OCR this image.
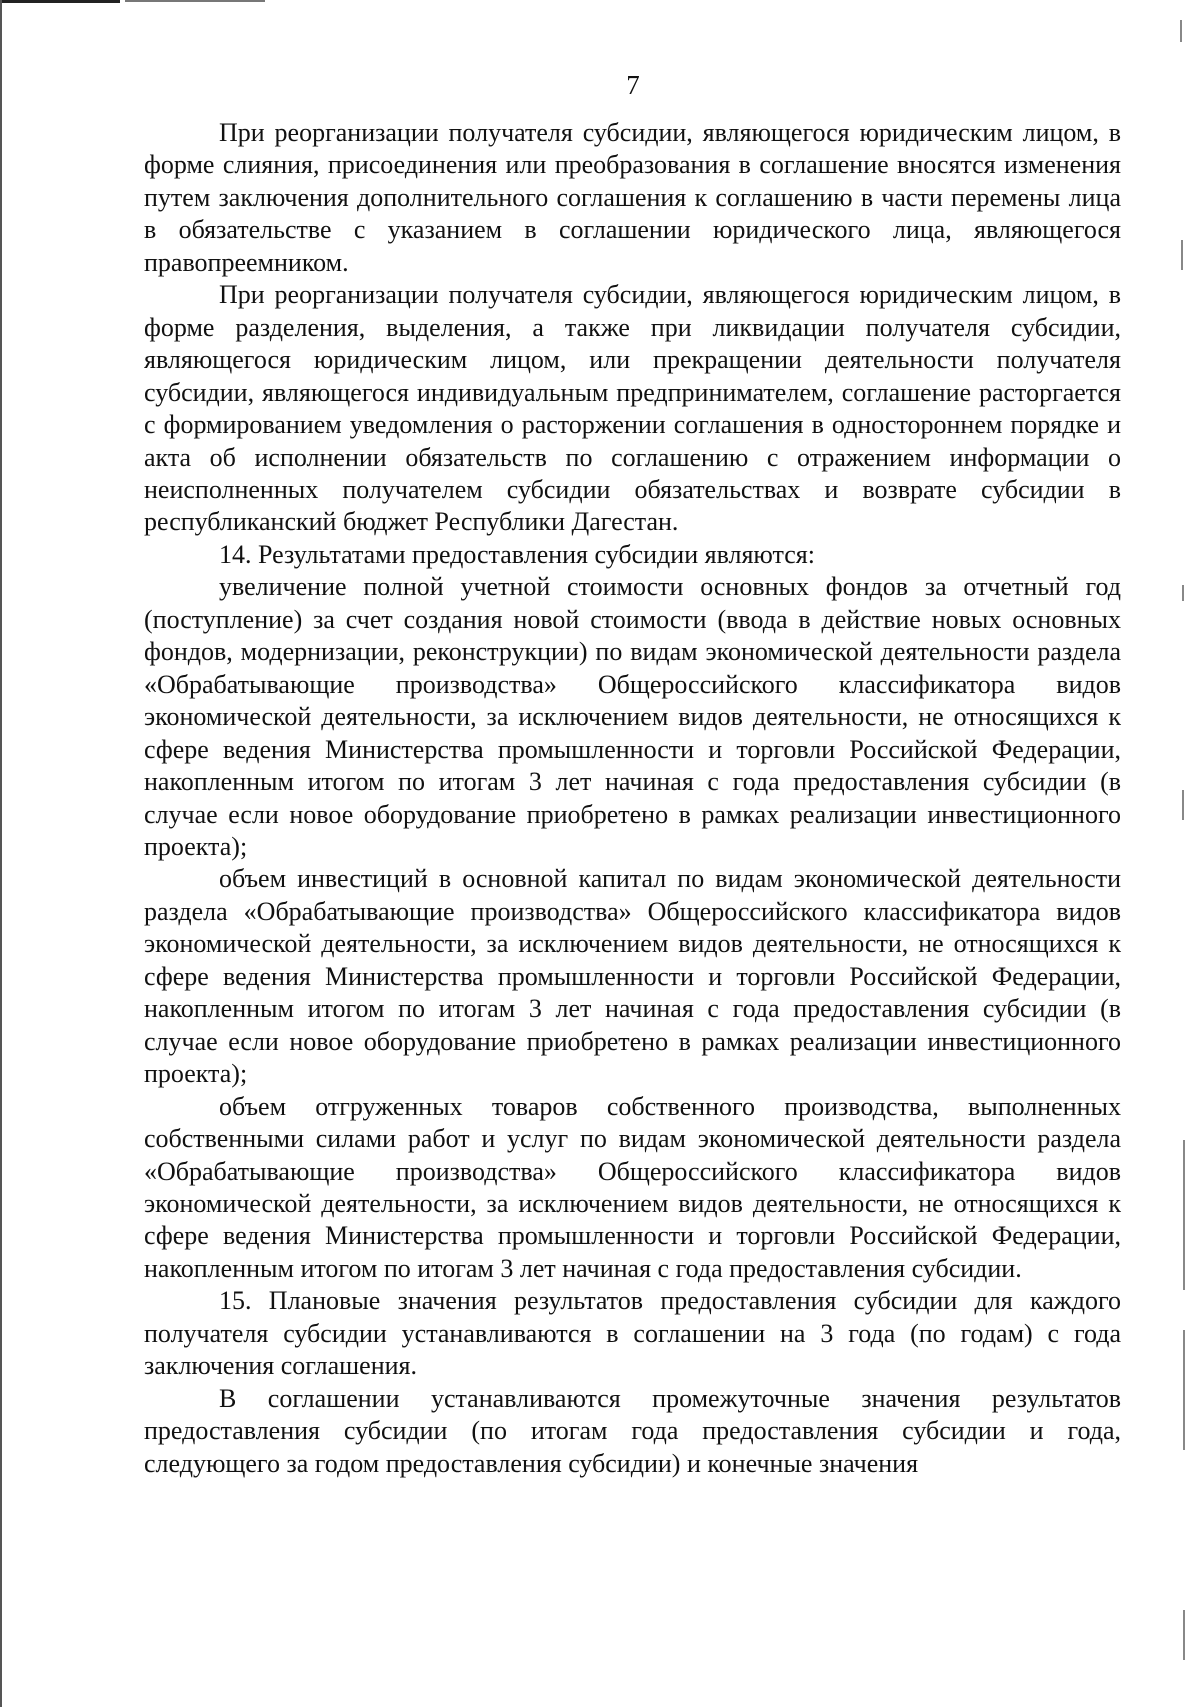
7

При реорганизации получателя субсидии, являющегося юридическим лицом, в форме слияния, присоединения или преобразования в соглашение вносятся изменения путем заключения дополнительного соглашения к соглашению в части перемены лица в обязательстве с указанием в соглашении юридического лица, являющегося правопреемником.

При реорганизации получателя субсидии, являющегося юридическим лицом, в форме разделения, выделения, а также при ликвидации получателя субсидии, являющегося юридическим лицом, или прекращении деятельности получателя субсидии, являющегося индивидуальным предпринимателем, соглашение расторгается с формированием уведомления о расторжении соглашения в одностороннем порядке и акта об исполнении обязательств по соглашению с отражением информации о неисполненных получателем субсидии обязательствах и возврате субсидии в республиканский бюджет Республики Дагестан.

14. Результатами предоставления субсидии являются:

увеличение полной учетной стоимости основных фондов за отчетный год (поступление) за счет создания новой стоимости (ввода в действие новых основных фондов, модернизации, реконструкции) по видам экономической деятельности раздела «Обрабатывающие производства» Общероссийского классификатора видов экономической деятельности, за исключением видов деятельности, не относящихся к сфере ведения Министерства промышленности и торговли Российской Федерации, накопленным итогом по итогам 3 лет начиная с года предоставления субсидии (в случае если новое оборудование приобретено в рамках реализации инвестиционного проекта);

объем инвестиций в основной капитал по видам экономической деятельности раздела «Обрабатывающие производства» Общероссийского классификатора видов экономической деятельности, за исключением видов деятельности, не относящихся к сфере ведения Министерства промышленности и торговли Российской Федерации, накопленным итогом по итогам 3 лет начиная с года предоставления субсидии (в случае если новое оборудование приобретено в рамках реализации инвестиционного проекта);

объем отгруженных товаров собственного производства, выполненных собственными силами работ и услуг по видам экономической деятельности раздела «Обрабатывающие производства» Общероссийского классификатора видов экономической деятельности, за исключением видов деятельности, не относящихся к сфере ведения Министерства промышленности и торговли Российской Федерации, накопленным итогом по итогам 3 лет начиная с года предоставления субсидии.

15. Плановые значения результатов предоставления субсидии для каждого получателя субсидии устанавливаются в соглашении на 3 года (по годам) с года заключения соглашения.

В соглашении устанавливаются промежуточные значения результатов предоставления субсидии (по итогам года предоставления субсидии и года, следующего за годом предоставления субсидии) и конечные значения
